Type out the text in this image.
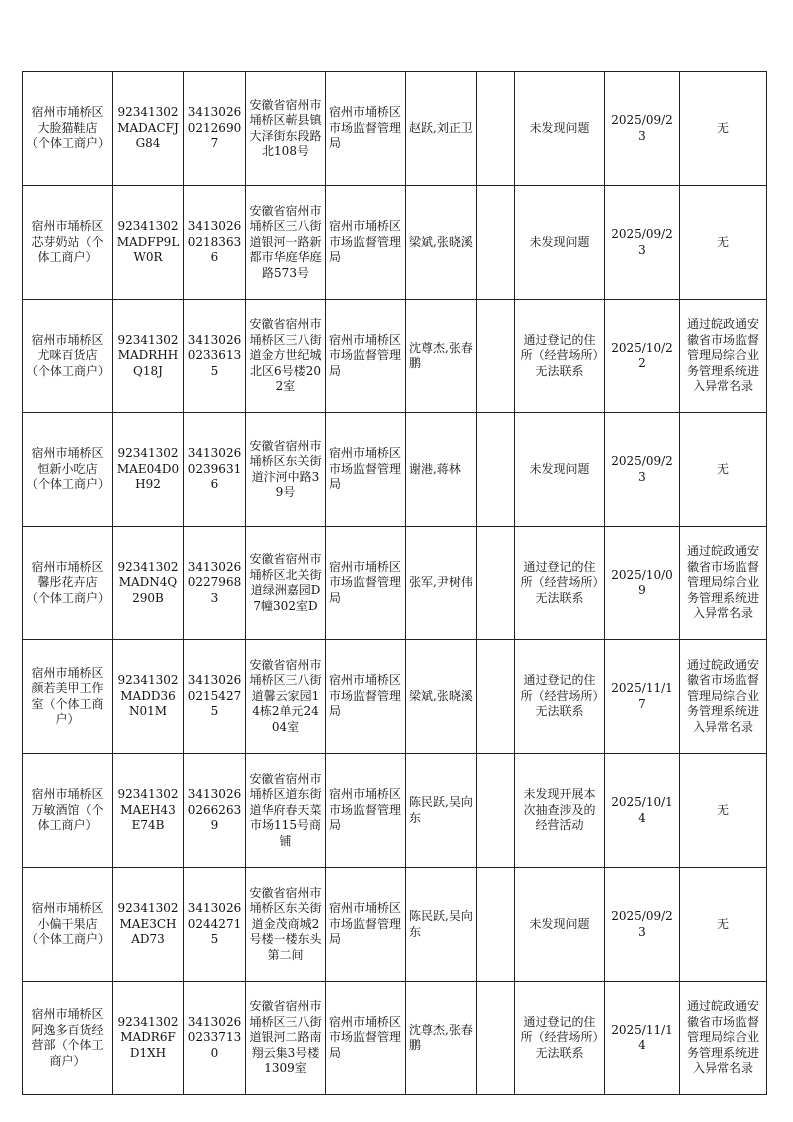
宿州市埇桥区大脸猫鞋店（个体工商户）	92341302MADACFJG84	341302602126907	安徽省宿州市埇桥区蕲县镇大泽街东段路北108号	宿州市埇桥区市场监督管理局	赵跃,刘正卫		未发现问题	2025/09/23	无
宿州市埇桥区芯芽奶站（个体工商户）	92341302MADFP9LW0R	341302602183636	安徽省宿州市埇桥区三八街道银河一路新都市华庭华庭路573号	宿州市埇桥区市场监督管理局	梁斌,张晓溪		未发现问题	2025/09/23	无
宿州市埇桥区尤咪百货店（个体工商户）	92341302MADRHHQ18J	341302602336135	安徽省宿州市埇桥区三八街道金方世纪城北区6号楼202室	宿州市埇桥区市场监督管理局	沈尊杰,张春鹏		通过登记的住所（经营场所）无法联系	2025/10/22	通过皖政通安徽省市场监督管理局综合业务管理系统进入异常名录
宿州市埇桥区恒新小吃店（个体工商户）	92341302MAE04D0H92	341302602396316	安徽省宿州市埇桥区东关街道汴河中路39号	宿州市埇桥区市场监督管理局	谢港,蒋林		未发现问题	2025/09/23	无
宿州市埇桥区馨彤花卉店（个体工商户）	92341302MADN4Q290B	341302602279683	安徽省宿州市埇桥区北关街道绿洲嘉园D7幢302室D	宿州市埇桥区市场监督管理局	张军,尹树伟		通过登记的住所（经营场所）无法联系	2025/10/09	通过皖政通安徽省市场监督管理局综合业务管理系统进入异常名录
宿州市埇桥区颜若美甲工作室（个体工商户）	92341302MADD36N01M	341302602154275	安徽省宿州市埇桥区三八街道馨云家园14栋2单元2404室	宿州市埇桥区市场监督管理局	梁斌,张晓溪		通过登记的住所（经营场所）无法联系	2025/11/17	通过皖政通安徽省市场监督管理局综合业务管理系统进入异常名录
宿州市埇桥区万敏酒馆（个体工商户）	92341302MAEH43E74B	341302602662639	安徽省宿州市埇桥区道东街道华府春天菜市场115号商铺	宿州市埇桥区市场监督管理局	陈民跃,吴向东		未发现开展本次抽查涉及的经营活动	2025/10/14	无
宿州市埇桥区小偏干果店（个体工商户）	92341302MAE3CHAD73	341302602442715	安徽省宿州市埇桥区东关街道金茂商城2号楼一楼东头第二间	宿州市埇桥区市场监督管理局	陈民跃,吴向东		未发现问题	2025/09/23	无
宿州市埇桥区阿逸多百货经营部（个体工商户）	92341302MADR6FD1XH	341302602337130	安徽省宿州市埇桥区三八街道银河二路南翔云集3号楼1309室	宿州市埇桥区市场监督管理局	沈尊杰,张春鹏		通过登记的住所（经营场所）无法联系	2025/11/14	通过皖政通安徽省市场监督管理局综合业务管理系统进入异常名录
